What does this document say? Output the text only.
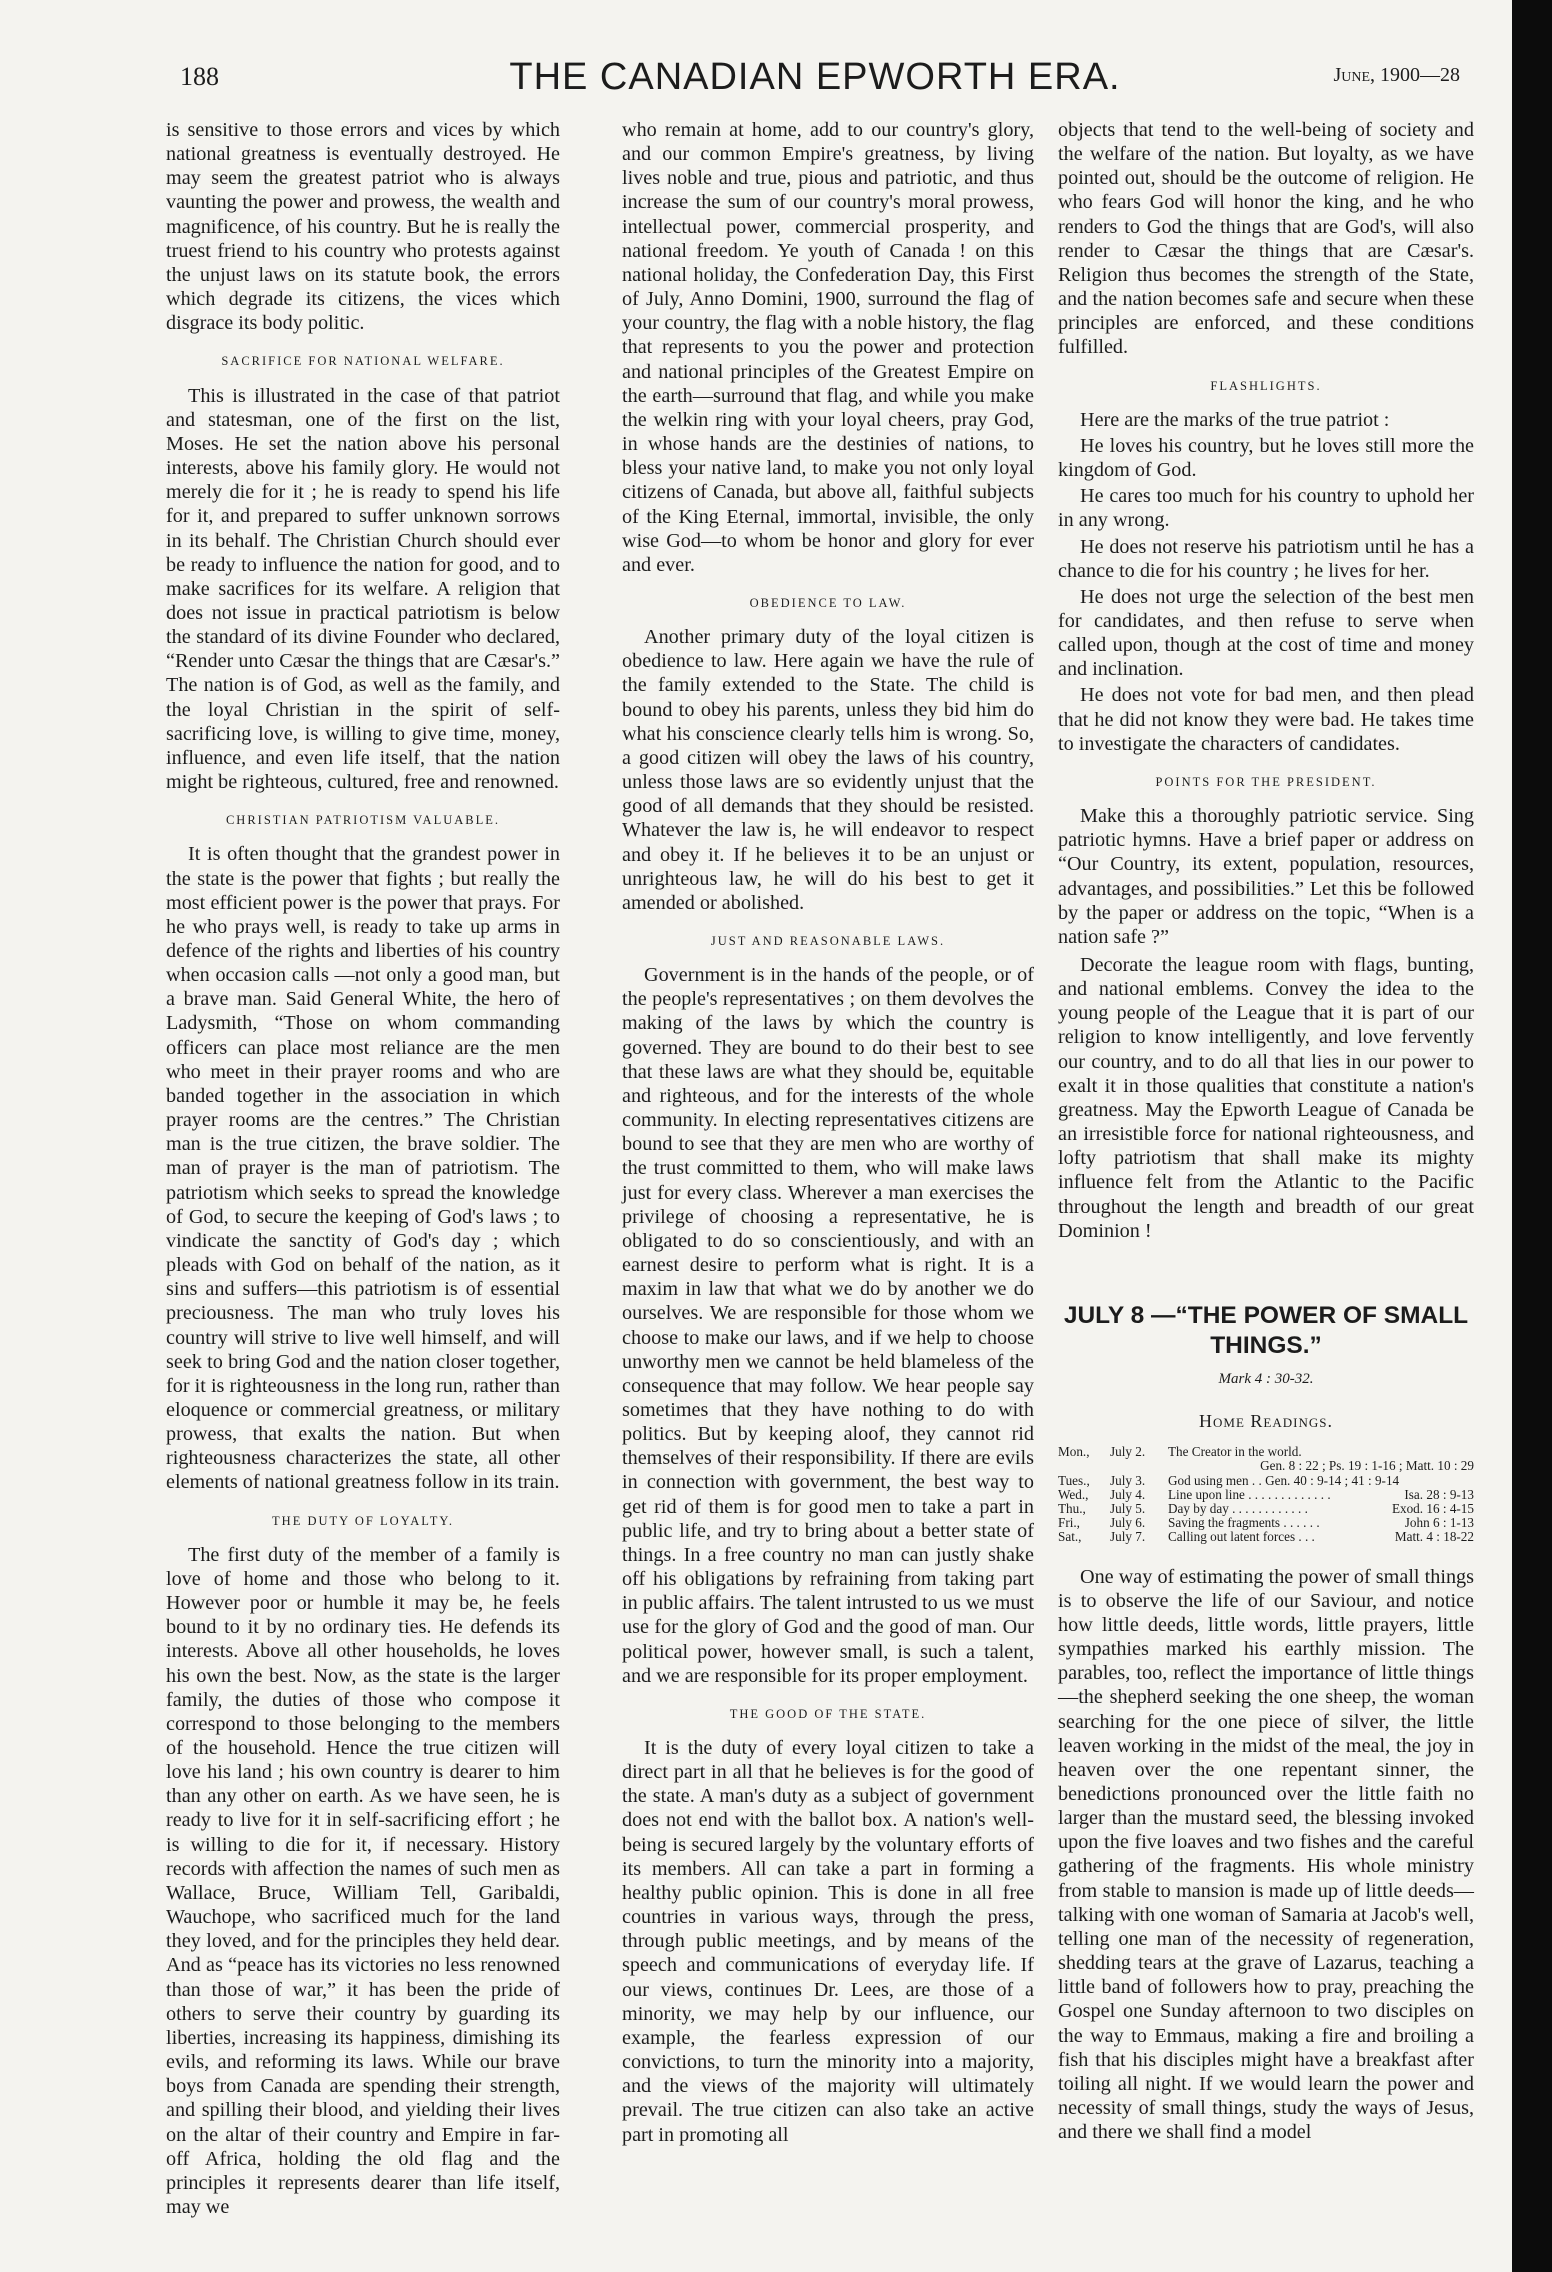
188	THE CANADIAN EPWORTH ERA.	June, 1900—28

is sensitive to those errors and vices by which national greatness is eventually destroyed. He may seem the greatest patriot who is always vaunting the power and prowess, the wealth and magnificence, of his country. But he is really the truest friend to his country who protests against the unjust laws on its statute book, the errors which degrade its citizens, the vices which disgrace its body politic.

SACRIFICE FOR NATIONAL WELFARE.

This is illustrated in the case of that patriot and statesman, one of the first on the list, Moses. He set the nation above his personal interests, above his family glory. He would not merely die for it ; he is ready to spend his life for it, and prepared to suffer unknown sorrows in its behalf. The Christian Church should ever be ready to influence the nation for good, and to make sacrifices for its welfare. A religion that does not issue in practical patriotism is below the standard of its divine Founder who declared, “Render unto Cæsar the things that are Cæsar's.” The nation is of God, as well as the family, and the loyal Christian in the spirit of self-sacrificing love, is willing to give time, money, influence, and even life itself, that the nation might be righteous, cultured, free and renowned.

CHRISTIAN PATRIOTISM VALUABLE.

It is often thought that the grandest power in the state is the power that fights ; but really the most efficient power is the power that prays. For he who prays well, is ready to take up arms in defence of the rights and liberties of his country when occasion calls —not only a good man, but a brave man. Said General White, the hero of Ladysmith, “Those on whom commanding officers can place most reliance are the men who meet in their prayer rooms and who are banded together in the association in which prayer rooms are the centres.” The Christian man is the true citizen, the brave soldier. The man of prayer is the man of patriotism. The patriotism which seeks to spread the knowledge of God, to secure the keeping of God's laws ; to vindicate the sanctity of God's day ; which pleads with God on behalf of the nation, as it sins and suffers—this patriotism is of essential preciousness. The man who truly loves his country will strive to live well himself, and will seek to bring God and the nation closer together, for it is righteousness in the long run, rather than eloquence or commercial greatness, or military prowess, that exalts the nation. But when righteousness characterizes the state, all other elements of national greatness follow in its train.

THE DUTY OF LOYALTY.

The first duty of the member of a family is love of home and those who belong to it. However poor or humble it may be, he feels bound to it by no ordinary ties. He defends its interests. Above all other households, he loves his own the best. Now, as the state is the larger family, the duties of those who compose it correspond to those belonging to the members of the household. Hence the true citizen will love his land ; his own country is dearer to him than any other on earth. As we have seen, he is ready to live for it in self-sacrificing effort ; he is willing to die for it, if necessary. History records with affection the names of such men as Wallace, Bruce, William Tell, Garibaldi, Wauchope, who sacrificed much for the land they loved, and for the principles they held dear. And as “peace has its victories no less renowned than those of war,” it has been the pride of others to serve their country by guarding its liberties, increasing its happiness, dimishing its evils, and reforming its laws. While our brave boys from Canada are spending their strength, and spilling their blood, and yielding their lives on the altar of their country and Empire in far-off Africa, holding the old flag and the principles it represents dearer than life itself, may we

who remain at home, add to our country's glory, and our common Empire's greatness, by living lives noble and true, pious and patriotic, and thus increase the sum of our country's moral prowess, intellectual power, commercial prosperity, and national freedom. Ye youth of Canada ! on this national holiday, the Confederation Day, this First of July, Anno Domini, 1900, surround the flag of your country, the flag with a noble history, the flag that represents to you the power and protection and national principles of the Greatest Empire on the earth—surround that flag, and while you make the welkin ring with your loyal cheers, pray God, in whose hands are the destinies of nations, to bless your native land, to make you not only loyal citizens of Canada, but above all, faithful subjects of the King Eternal, immortal, invisible, the only wise God—to whom be honor and glory for ever and ever.

OBEDIENCE TO LAW.

Another primary duty of the loyal citizen is obedience to law. Here again we have the rule of the family extended to the State. The child is bound to obey his parents, unless they bid him do what his conscience clearly tells him is wrong. So, a good citizen will obey the laws of his country, unless those laws are so evidently unjust that the good of all demands that they should be resisted. Whatever the law is, he will endeavor to respect and obey it. If he believes it to be an unjust or unrighteous law, he will do his best to get it amended or abolished.

JUST AND REASONABLE LAWS.

Government is in the hands of the people, or of the people's representatives ; on them devolves the making of the laws by which the country is governed. They are bound to do their best to see that these laws are what they should be, equitable and righteous, and for the interests of the whole community. In electing representatives citizens are bound to see that they are men who are worthy of the trust committed to them, who will make laws just for every class. Wherever a man exercises the privilege of choosing a representative, he is obligated to do so conscientiously, and with an earnest desire to perform what is right. It is a maxim in law that what we do by another we do ourselves. We are responsible for those whom we choose to make our laws, and if we help to choose unworthy men we cannot be held blameless of the consequence that may follow. We hear people say sometimes that they have nothing to do with politics. But by keeping aloof, they cannot rid themselves of their responsibility. If there are evils in connection with government, the best way to get rid of them is for good men to take a part in public life, and try to bring about a better state of things. In a free country no man can justly shake off his obligations by refraining from taking part in public affairs. The talent intrusted to us we must use for the glory of God and the good of man. Our political power, however small, is such a talent, and we are responsible for its proper employment.

THE GOOD OF THE STATE.

It is the duty of every loyal citizen to take a direct part in all that he believes is for the good of the state. A man's duty as a subject of government does not end with the ballot box. A nation's well-being is secured largely by the voluntary efforts of its members. All can take a part in forming a healthy public opinion. This is done in all free countries in various ways, through the press, through public meetings, and by means of the speech and communications of everyday life. If our views, continues Dr. Lees, are those of a minority, we may help by our influence, our example, the fearless expression of our convictions, to turn the minority into a majority, and the views of the majority will ultimately prevail. The true citizen can also take an active part in promoting all

objects that tend to the well-being of society and the welfare of the nation. But loyalty, as we have pointed out, should be the outcome of religion. He who fears God will honor the king, and he who renders to God the things that are God's, will also render to Cæsar the things that are Cæsar's. Religion thus becomes the strength of the State, and the nation becomes safe and secure when these principles are enforced, and these conditions fulfilled.

FLASHLIGHTS.

Here are the marks of the true patriot :

He loves his country, but he loves still more the kingdom of God.

He cares too much for his country to uphold her in any wrong.

He does not reserve his patriotism until he has a chance to die for his country ; he lives for her.

He does not urge the selection of the best men for candidates, and then refuse to serve when called upon, though at the cost of time and money and inclination.

He does not vote for bad men, and then plead that he did not know they were bad. He takes time to investigate the characters of candidates.

POINTS FOR THE PRESIDENT.

Make this a thoroughly patriotic service. Sing patriotic hymns. Have a brief paper or address on “Our Country, its extent, population, resources, advantages, and possibilities.” Let this be followed by the paper or address on the topic, “When is a nation safe ?”

Decorate the league room with flags, bunting, and national emblems. Convey the idea to the young people of the League that it is part of our religion to know intelligently, and love fervently our country, and to do all that lies in our power to exalt it in those qualities that constitute a nation's greatness. May the Epworth League of Canada be an irresistible force for national righteousness, and lofty patriotism that shall make its mighty influence felt from the Atlantic to the Pacific throughout the length and breadth of our great Dominion !

JULY 8 —“THE POWER OF SMALL THINGS.”
Mark 4 : 30-32.
Home Readings.
Mon.,	July 2.	The Creator in the world.	
Gen. 8 : 22 ; Ps. 19 : 1-16 ; Matt. 10 : 29			
Tues.,	July 3.	God using men . . Gen. 40 : 9-14 ; 41 : 9-14	
Wed.,	July 4.	Line upon line . . . . . . . . . . . . .	Isa. 28 : 9-13
Thu.,	July 5.	Day by day . . . . . . . . . . . .	Exod. 16 : 4-15
Fri.,	July 6.	Saving the fragments . . . . . .	John 6 : 1-13
Sat.,	July 7.	Calling out latent forces . . .	Matt. 4 : 18-22

One way of estimating the power of small things is to observe the life of our Saviour, and notice how little deeds, little words, little prayers, little sympathies marked his earthly mission. The parables, too, reflect the importance of little things—the shepherd seeking the one sheep, the woman searching for the one piece of silver, the little leaven working in the midst of the meal, the joy in heaven over the one repentant sinner, the benedictions pronounced over the little faith no larger than the mustard seed, the blessing invoked upon the five loaves and two fishes and the careful gathering of the fragments. His whole ministry from stable to mansion is made up of little deeds—talking with one woman of Samaria at Jacob's well, telling one man of the necessity of regeneration, shedding tears at the grave of Lazarus, teaching a little band of followers how to pray, preaching the Gospel one Sunday afternoon to two disciples on the way to Emmaus, making a fire and broiling a fish that his disciples might have a breakfast after toiling all night. If we would learn the power and necessity of small things, study the ways of Jesus, and there we shall find a model
